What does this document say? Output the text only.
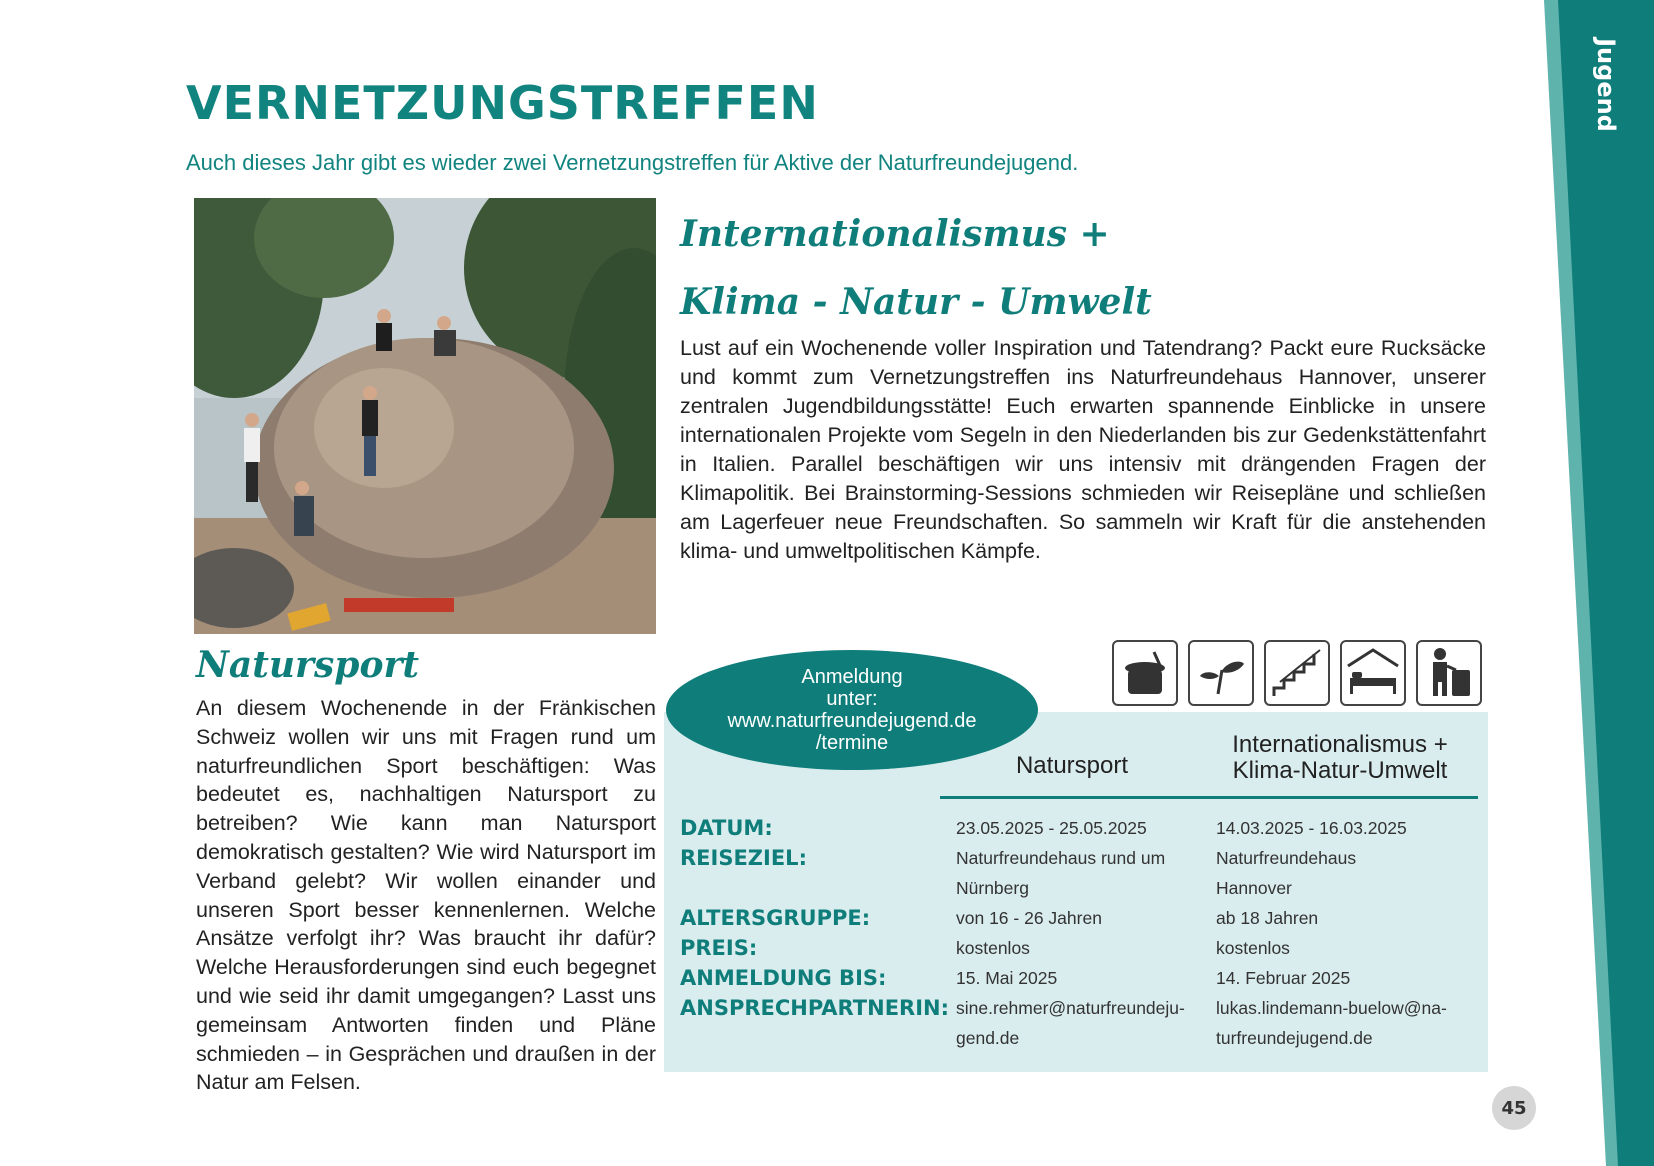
Jugend
VERNETZUNGSTREFFEN

Auch dieses Jahr gibt es wieder zwei Vernetzungstreffen für Aktive der Naturfreundejugend.

Internationalismus +
Klima - Natur - Umwelt

Lust auf ein Wochenende voller Inspiration und Tatendrang? Packt eure Rucksäcke und kommt zum Vernetzungstreffen ins Naturfreundehaus Hannover, unserer zentralen Jugendbildungsstätte! Euch erwarten spannende Einblicke in unsere internationalen Projekte vom Segeln in den Niederlanden bis zur Gedenkstättenfahrt in Italien. Parallel beschäftigen wir uns intensiv mit drängenden Fragen der Klimapolitik. Bei Brainstorming-Sessions schmieden wir Reisepläne und schließen am Lagerfeuer neue Freundschaften. So sammeln wir Kraft für die anstehenden klima- und umweltpolitischen Kämpfe.

Natursport

An diesem Wochenende in der Fränkischen Schweiz wollen wir uns mit Fragen rund um naturfreundlichen Sport beschäftigen: Was bedeutet es, nachhaltigen Natursport zu betreiben? Wie kann man Natursport demokratisch gestalten? Wie wird Natursport im Verband gelebt? Wir wollen einander und unseren Sport besser kennenlernen. Welche Ansätze verfolgt ihr? Was braucht ihr dafür? Welche Herausforderungen sind euch begegnet und wie seid ihr damit umgegangen? Lasst uns gemeinsam Antworten finden und Pläne schmieden – in Gesprächen und draußen in der Natur am Felsen.

Anmeldung
unter:
www.naturfreundejugend.de
/termine
Natursport
Internationalismus +
Klima-Natur-Umwelt
DATUM:
REISEZIEL:
ALTERSGRUPPE:
PREIS:
ANMELDUNG BIS:
ANSPRECHPARTNERIN:
23.05.2025 - 25.05.2025
Naturfreundehaus rund um
Nürnberg
von 16 - 26 Jahren
kostenlos
15. Mai 2025
sine.rehmer@naturfreundeju-
gend.de
14.03.2025 - 16.03.2025
Naturfreundehaus
Hannover
ab 18 Jahren
kostenlos
14. Februar 2025
lukas.lindemann-buelow@na-
turfreundejugend.de
45
